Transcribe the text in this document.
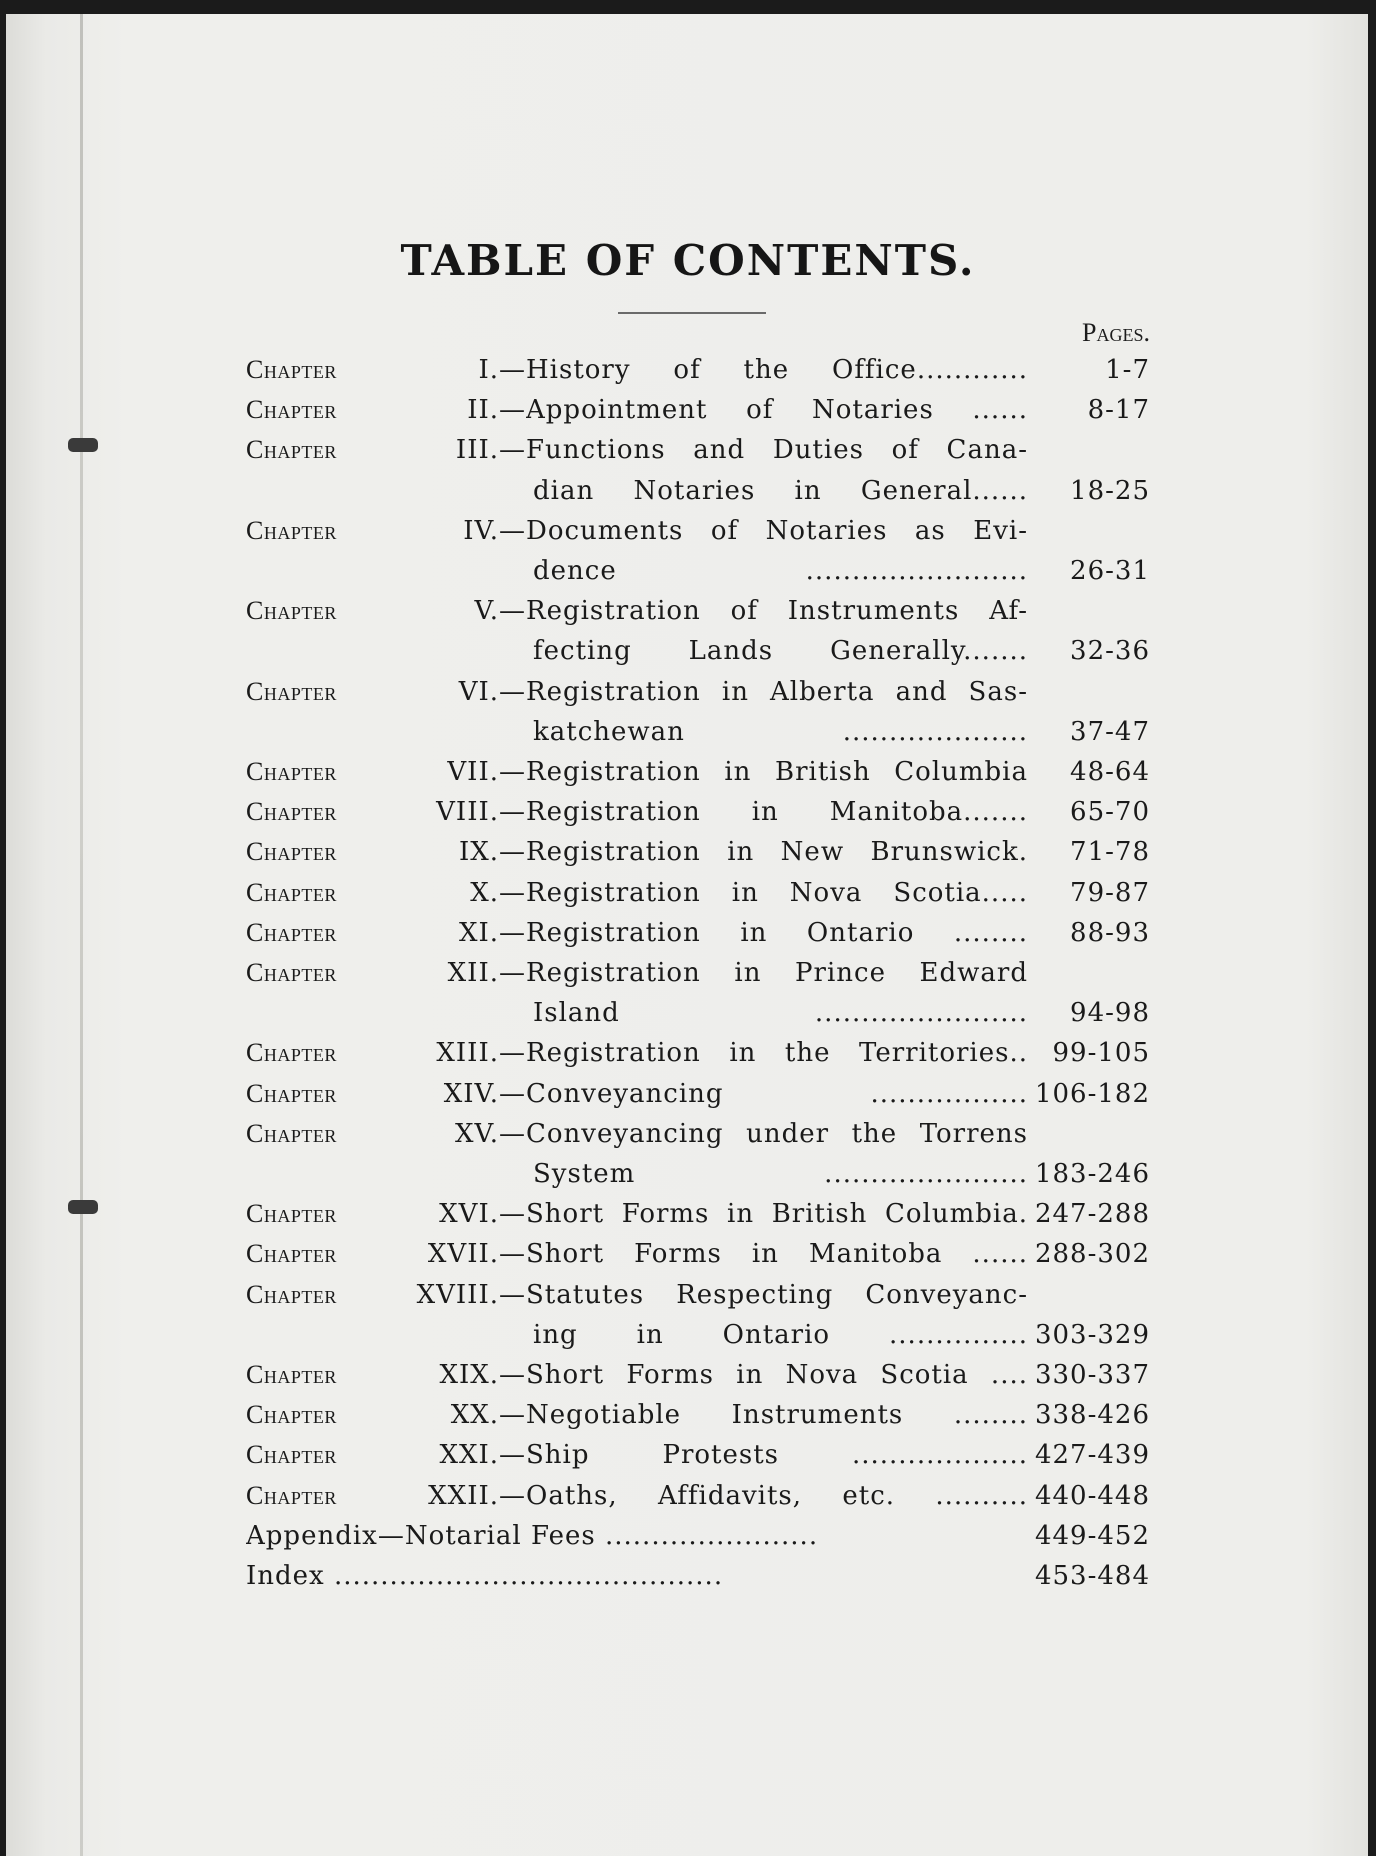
TABLE OF CONTENTS.
Pages.
Chapter	I.— History of the Office............	1-7
Chapter	II.— Appointment of Notaries ......	8-17
Chapter	III.— Functions and Duties of Cana-
dian Notaries in General......	18-25
Chapter	IV.— Documents of Notaries as Evi-
dence ........................	26-31
Chapter	V.— Registration of Instruments Af-
fecting Lands Generally.......	32-36
Chapter	VI.— Registration in Alberta and Sas-
katchewan ....................	37-47
Chapter	VII.— Registration in British Columbia	48-64
Chapter	VIII.— Registration in Manitoba.......	65-70
Chapter	IX.— Registration in New Brunswick.	71-78
Chapter	X.— Registration in Nova Scotia.....	79-87
Chapter	XI.— Registration in Ontario ........	88-93
Chapter	XII.— Registration in Prince Edward
Island .......................	94-98
Chapter	XIII.— Registration in the Territories.. 99-105
Chapter	XIV.— Conveyancing ................. 106-182
Chapter	XV.— Conveyancing under the Torrens
System ...................... 183-246
Chapter	XVI.— Short Forms in British Columbia. 247-288
Chapter	XVII.— Short Forms in Manitoba ...... 288-302
Chapter	XVIII.— Statutes Respecting Conveyanc-
ing in Ontario ............... 303-329
Chapter	XIX.— Short Forms in Nova Scotia .... 330-337
Chapter	XX.— Negotiable Instruments ........ 338-426
Chapter	XXI.— Ship Protests ................... 427-439
Chapter	XXII.— Oaths, Affidavits, etc. .......... 440-448
Appendix—Notarial Fees .......................	449-452
Index ..........................................	453-484
